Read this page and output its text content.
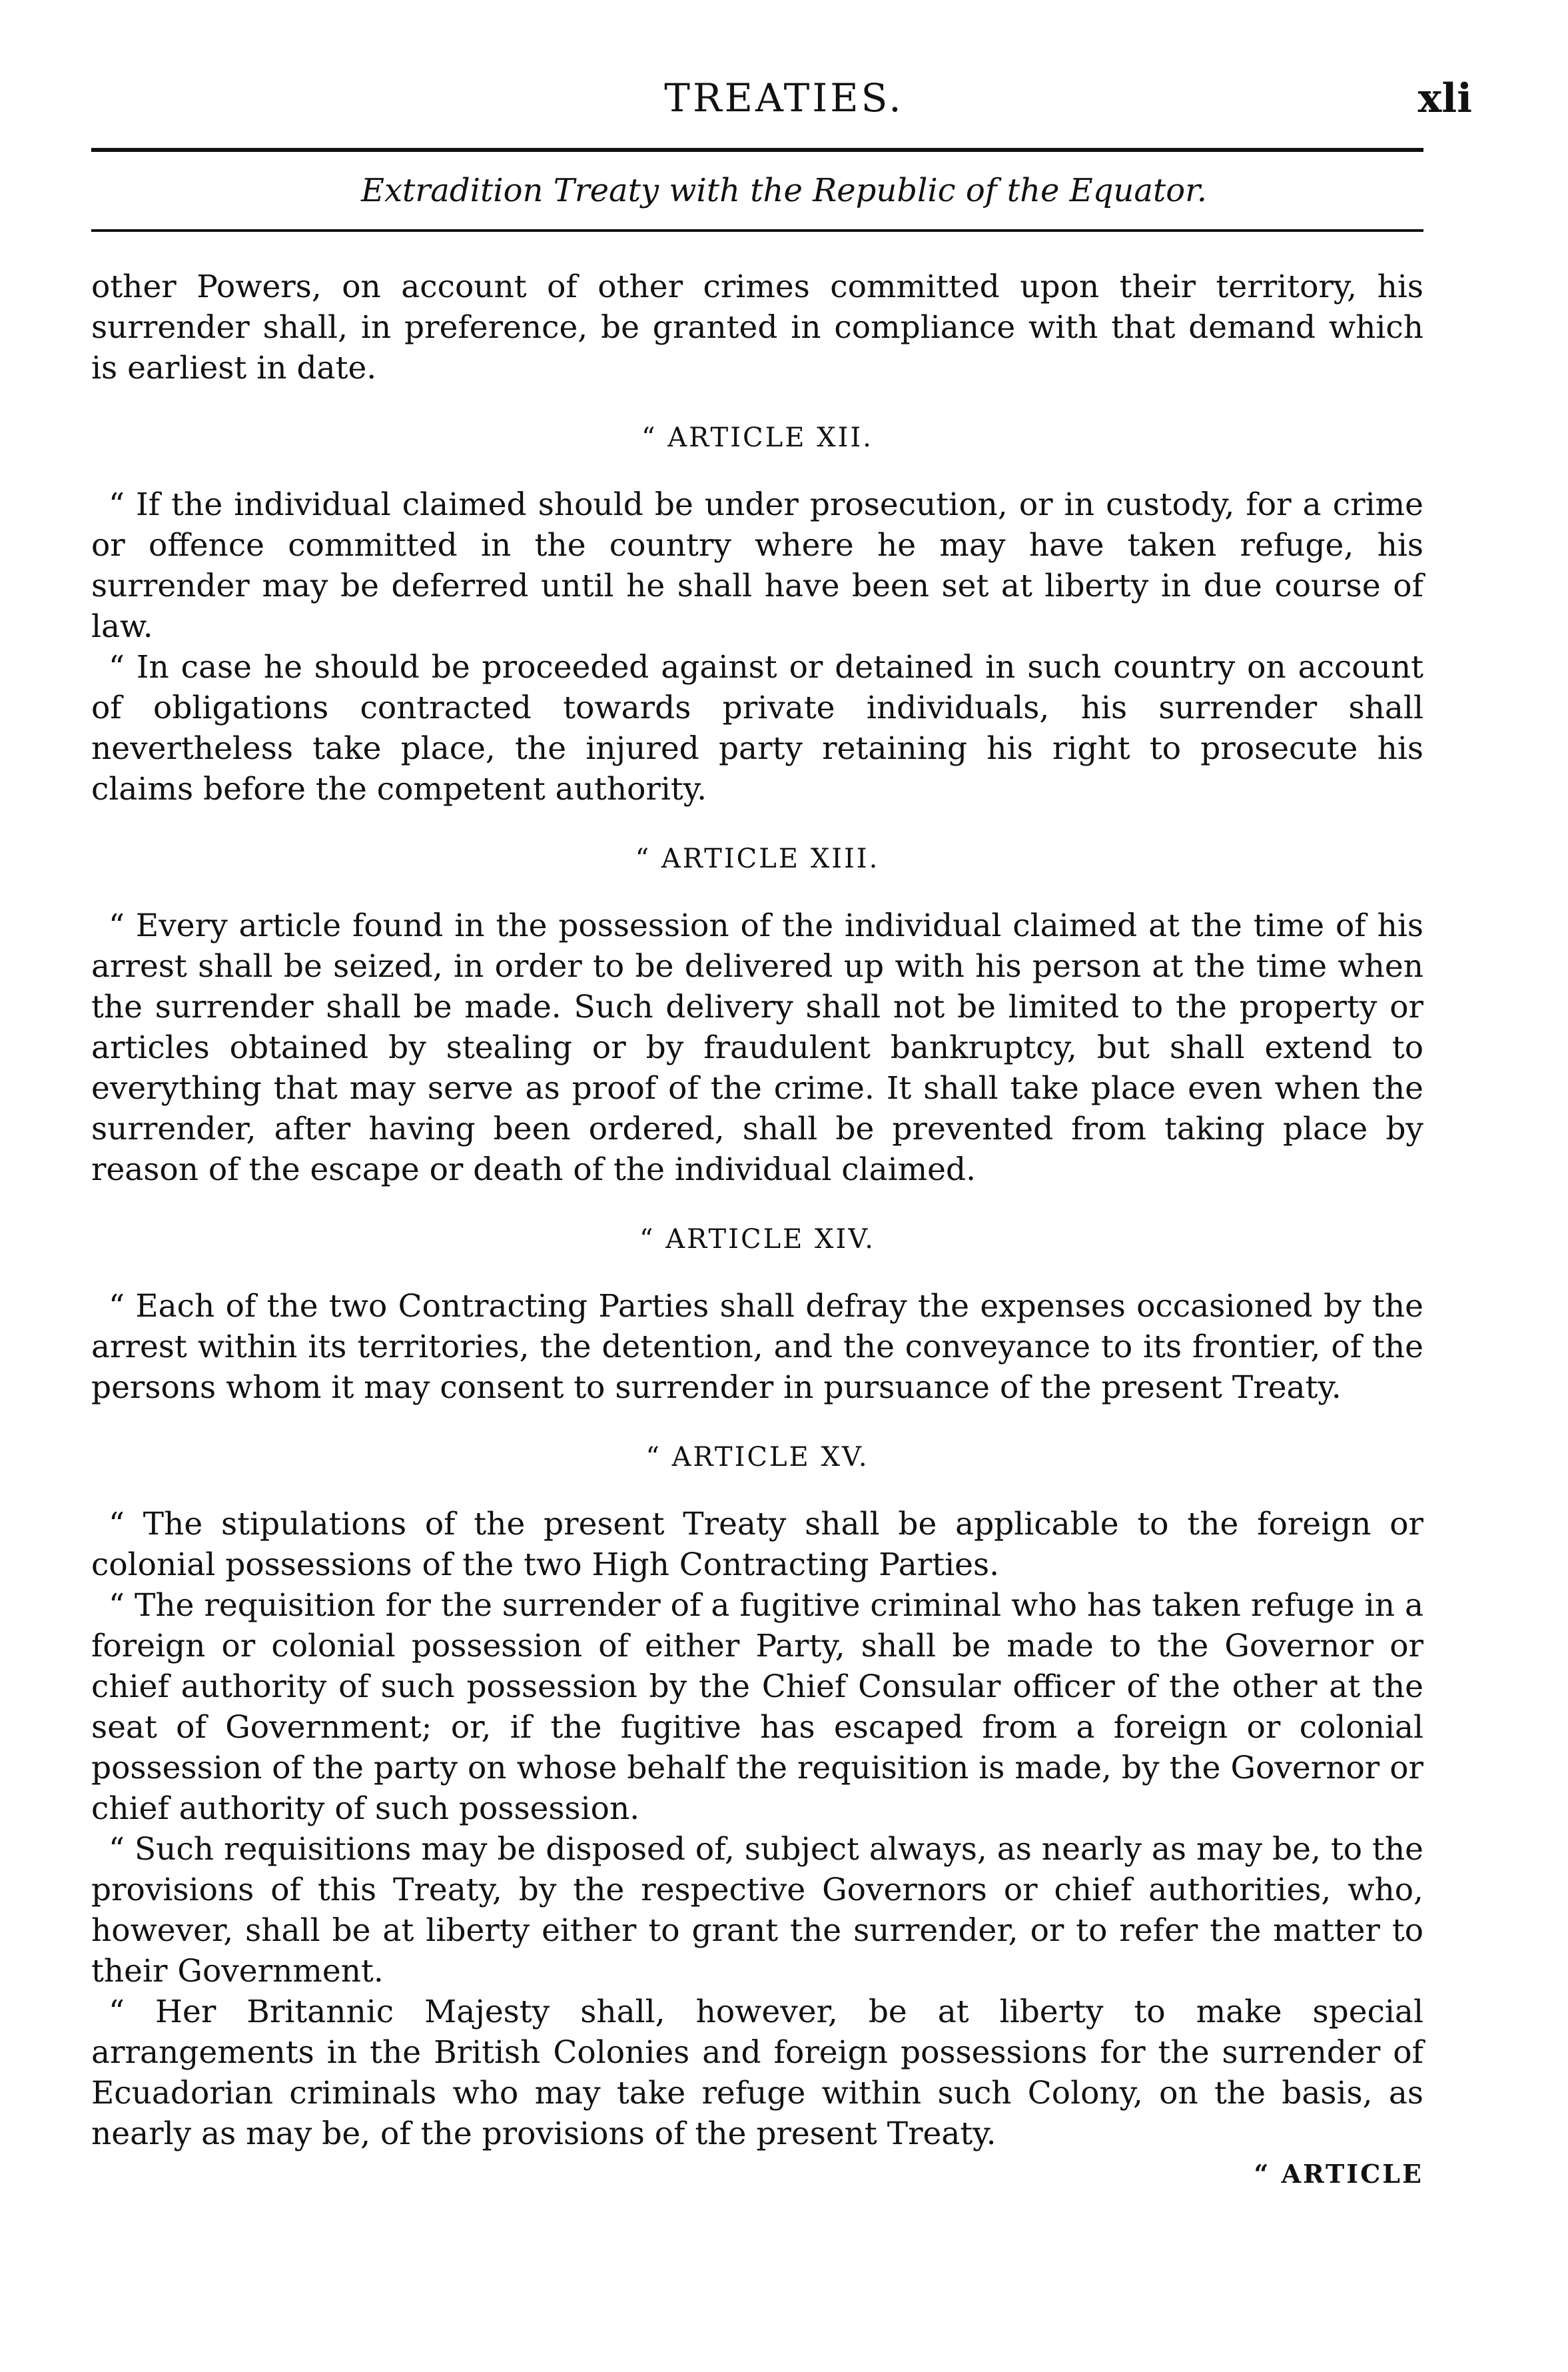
TREATIES.	xli
Extradition Treaty with the Republic of the Equator.

other Powers, on account of other crimes committed upon their territory, his surrender shall, in preference, be granted in compliance with that demand which is earliest in date.

“ ARTICLE XII.

“ If the individual claimed should be under prosecution, or in custody, for a crime or offence committed in the country where he may have taken refuge, his surrender may be deferred until he shall have been set at liberty in due course of law.

“ In case he should be proceeded against or detained in such country on account of obligations contracted towards private individuals, his surrender shall nevertheless take place, the injured party retaining his right to prosecute his claims before the competent authority.

“ ARTICLE XIII.

“ Every article found in the possession of the individual claimed at the time of his arrest shall be seized, in order to be delivered up with his person at the time when the surrender shall be made. Such delivery shall not be limited to the property or articles obtained by stealing or by fraudulent bankruptcy, but shall extend to everything that may serve as proof of the crime. It shall take place even when the surrender, after having been ordered, shall be prevented from taking place by reason of the escape or death of the individual claimed.

“ ARTICLE XIV.

“ Each of the two Contracting Parties shall defray the expenses occasioned by the arrest within its territories, the detention, and the conveyance to its frontier, of the persons whom it may consent to surrender in pursuance of the present Treaty.

“ ARTICLE XV.

“ The stipulations of the present Treaty shall be applicable to the foreign or colonial possessions of the two High Contracting Parties.

“ The requisition for the surrender of a fugitive criminal who has taken refuge in a foreign or colonial possession of either Party, shall be made to the Governor or chief authority of such possession by the Chief Consular officer of the other at the seat of Government; or, if the fugitive has escaped from a foreign or colonial possession of the party on whose behalf the requisition is made, by the Governor or chief authority of such possession.

“ Such requisitions may be disposed of, subject always, as nearly as may be, to the provisions of this Treaty, by the respective Governors or chief authorities, who, however, shall be at liberty either to grant the surrender, or to refer the matter to their Government.

“ Her Britannic Majesty shall, however, be at liberty to make special arrangements in the British Colonies and foreign possessions for the surrender of Ecuadorian criminals who may take refuge within such Colony, on the basis, as nearly as may be, of the provisions of the present Treaty.

“ ARTICLE
